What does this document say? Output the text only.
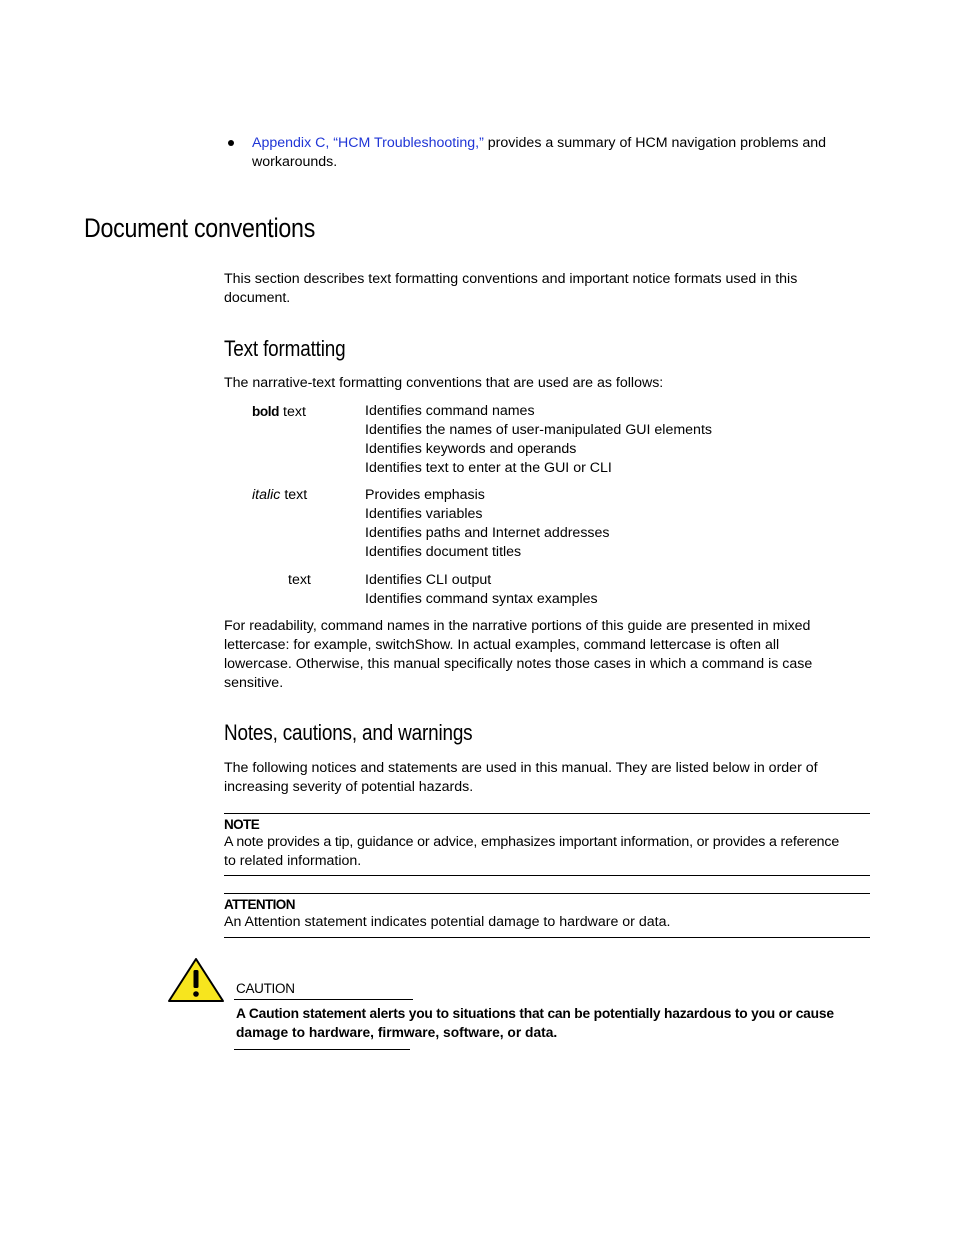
Appendix C, “HCM Troubleshooting,” provides a summary of HCM navigation problems and
workarounds.
Document conventions
This section describes text formatting conventions and important notice formats used in this
document.
Text formatting
The narrative-text formatting conventions that are used are as follows:
bold text	Identifies command names
Identifies the names of user-manipulated GUI elements
Identifies keywords and operands
Identifies text to enter at the GUI or CLI
italic text	Provides emphasis
Identifies variables
Identifies paths and Internet addresses
Identifies document titles
text	Identifies CLI output
Identifies command syntax examples
For readability, command names in the narrative portions of this guide are presented in mixed
lettercase: for example, switchShow. In actual examples, command lettercase is often all
lowercase. Otherwise, this manual specifically notes those cases in which a command is case
sensitive.
Notes, cautions, and warnings
The following notices and statements are used in this manual. They are listed below in order of
increasing severity of potential hazards.
NOTE
A note provides a tip, guidance or advice, emphasizes important information, or provides a reference
to related information.
ATTENTION
An Attention statement indicates potential damage to hardware or data.
CAUTION
A Caution statement alerts you to situations that can be potentially hazardous to you or cause
damage to hardware, firmware, software, or data.
